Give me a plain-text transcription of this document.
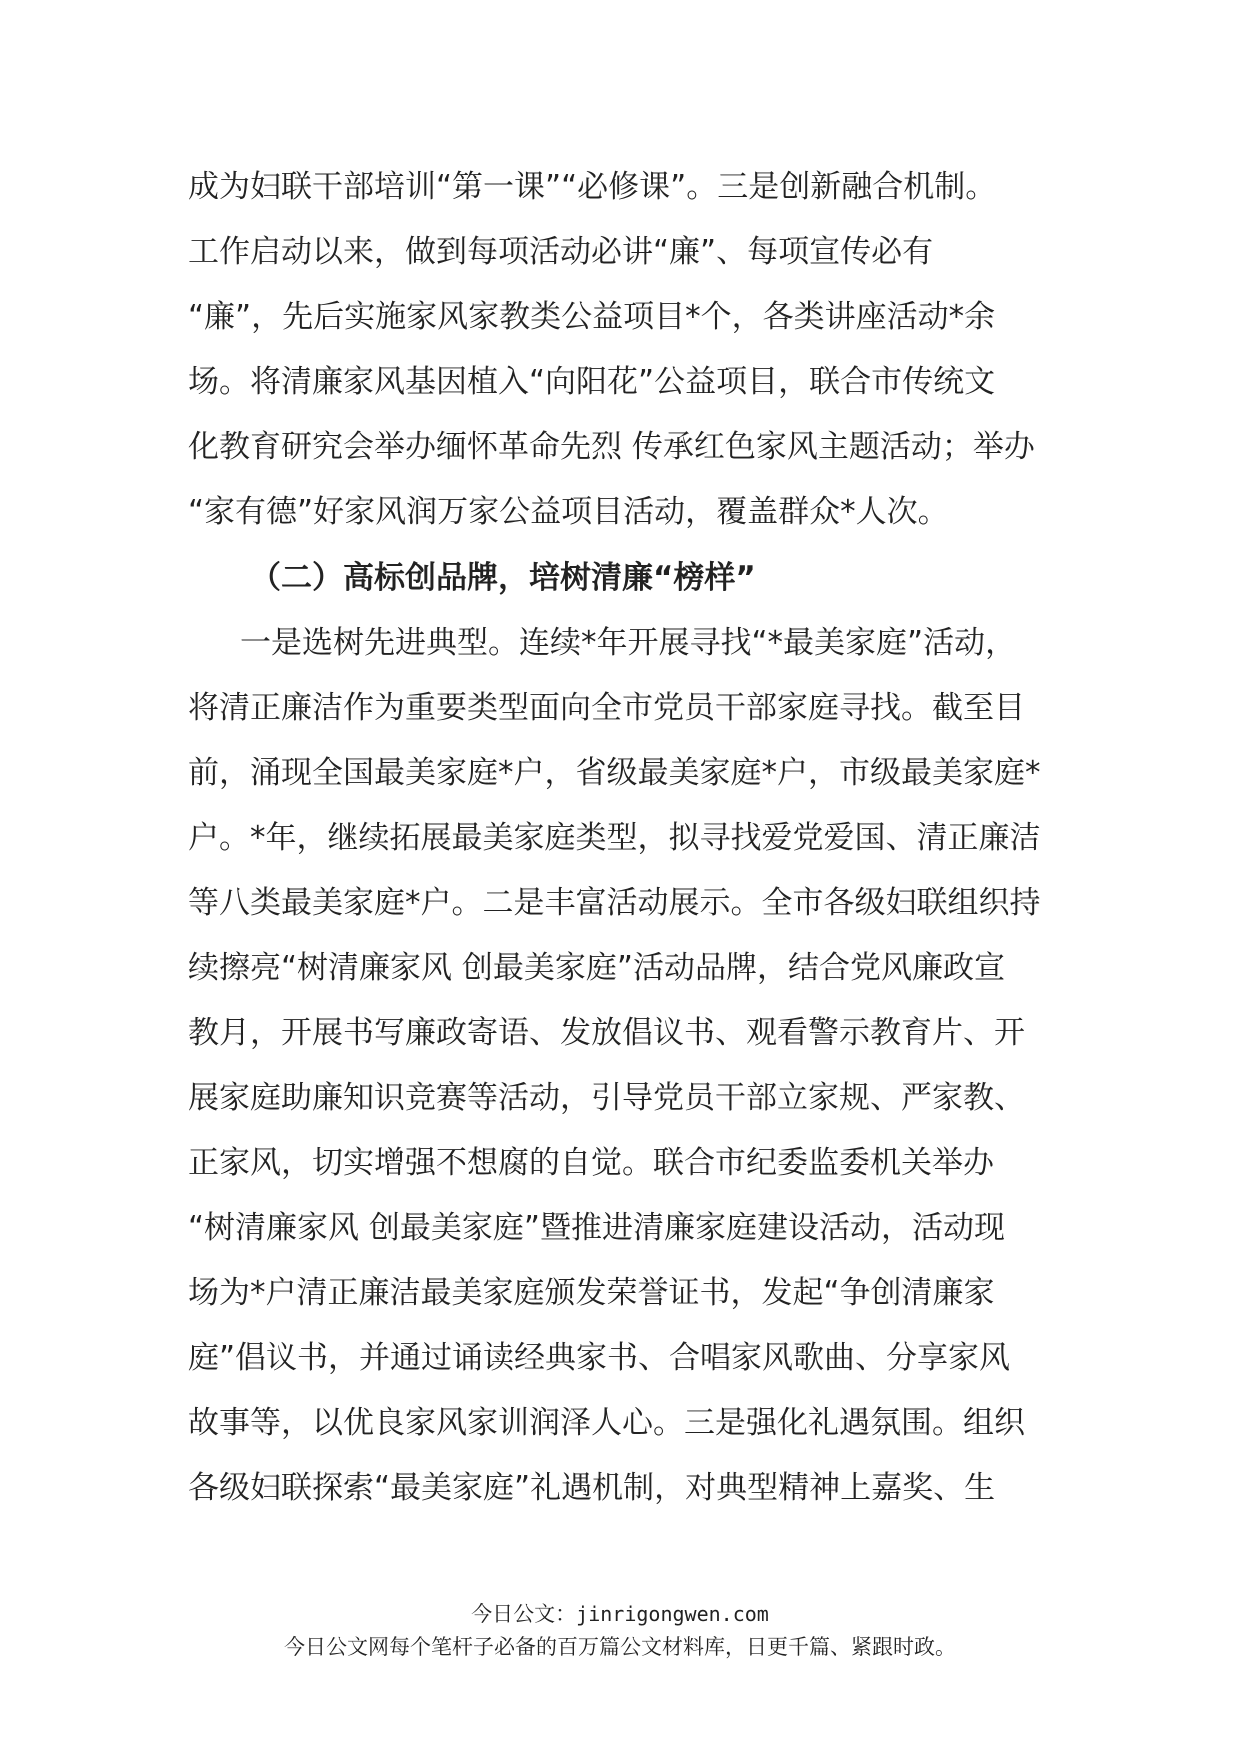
成为妇联干部培训“第一课”“必修课”。三是创新融合机制。
工作启动以来，做到每项活动必讲“廉”、每项宣传必有
“廉”，先后实施家风家教类公益项目*个，各类讲座活动*余
场。将清廉家风基因植入“向阳花”公益项目，联合市传统文
化教育研究会举办缅怀革命先烈 传承红色家风主题活动；举办
“家有德”好家风润万家公益项目活动，覆盖群众*人次。
（二）高标创品牌，培树清廉“榜样”
一是选树先进典型。连续*年开展寻找“*最美家庭”活动，
将清正廉洁作为重要类型面向全市党员干部家庭寻找。截至目
前，涌现全国最美家庭*户，省级最美家庭*户，市级最美家庭*
户。*年，继续拓展最美家庭类型，拟寻找爱党爱国、清正廉洁
等八类最美家庭*户。二是丰富活动展示。全市各级妇联组织持
续擦亮“树清廉家风 创最美家庭”活动品牌，结合党风廉政宣
教月，开展书写廉政寄语、发放倡议书、观看警示教育片、开
展家庭助廉知识竞赛等活动，引导党员干部立家规、严家教、
正家风，切实增强不想腐的自觉。联合市纪委监委机关举办
“树清廉家风 创最美家庭”暨推进清廉家庭建设活动，活动现
场为*户清正廉洁最美家庭颁发荣誉证书，发起“争创清廉家
庭”倡议书，并通过诵读经典家书、合唱家风歌曲、分享家风
故事等，以优良家风家训润泽人心。三是强化礼遇氛围。组织
各级妇联探索“最美家庭”礼遇机制，对典型精神上嘉奖、生
今日公文：jinrigongwen.com
今日公文网每个笔杆子必备的百万篇公文材料库，日更千篇、紧跟时政。
